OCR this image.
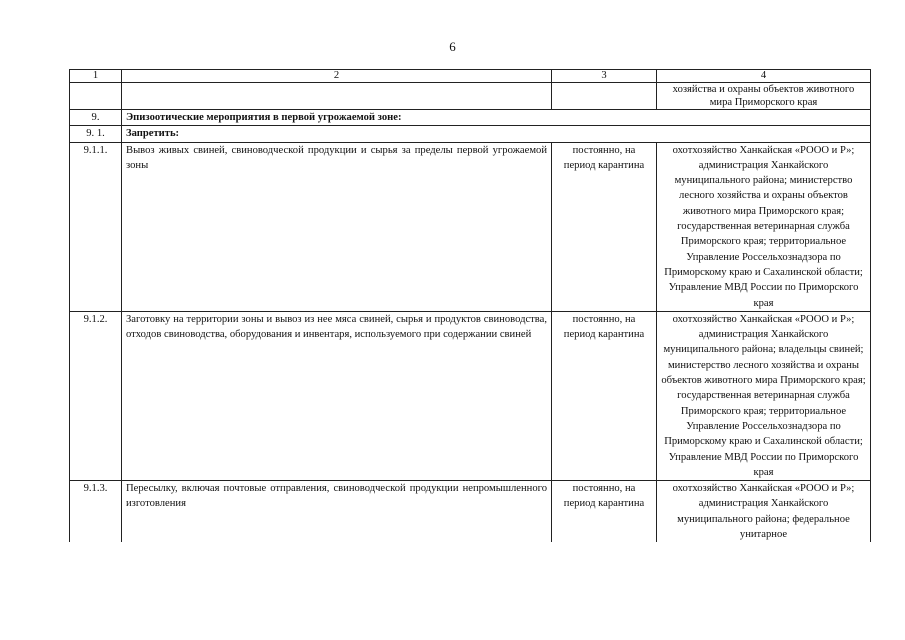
6
1	2	3	4
			хозяйства и охраны объектов животного мира Приморского края
9.	Эпизоотические мероприятия в первой угрожаемой зоне:		
9. 1.	Запретить:		
9.1.1.	Вывоз живых свиней, свиноводческой продукции и сырья за пределы первой угрожаемой зоны	постоянно, на период карантина	охотхозяйство Ханкайская «РООО и Р»; администрация Ханкайского муниципального района; министерство лесного хозяйства и охраны объектов животного мира Приморского края; государственная ветеринарная служба Приморского края; территориальное Управление Россельхознадзора по Приморскому краю и Сахалинской области; Управление МВД России по Приморского края
9.1.2.	Заготовку на территории зоны и вывоз из нее мяса свиней, сырья и продуктов свиноводства, отходов свиноводства, оборудования и инвентаря, используемого при содержании свиней	постоянно, на период карантина	охотхозяйство Ханкайская «РООО и Р»; администрация Ханкайского муниципального района; владельцы свиней; министерство лесного хозяйства и охраны объектов животного мира Приморского края; государственная ветеринарная служба Приморского края; территориальное Управление Россельхознадзора по Приморскому краю и Сахалинской области; Управление МВД России по Приморского края
9.1.3.	Пересылку, включая почтовые отправления, свиноводческой продукции непромышленного изготовления	постоянно, на период карантина	охотхозяйство Ханкайская «РООО и Р»; администрация Ханкайского муниципального района; федеральное унитарное
